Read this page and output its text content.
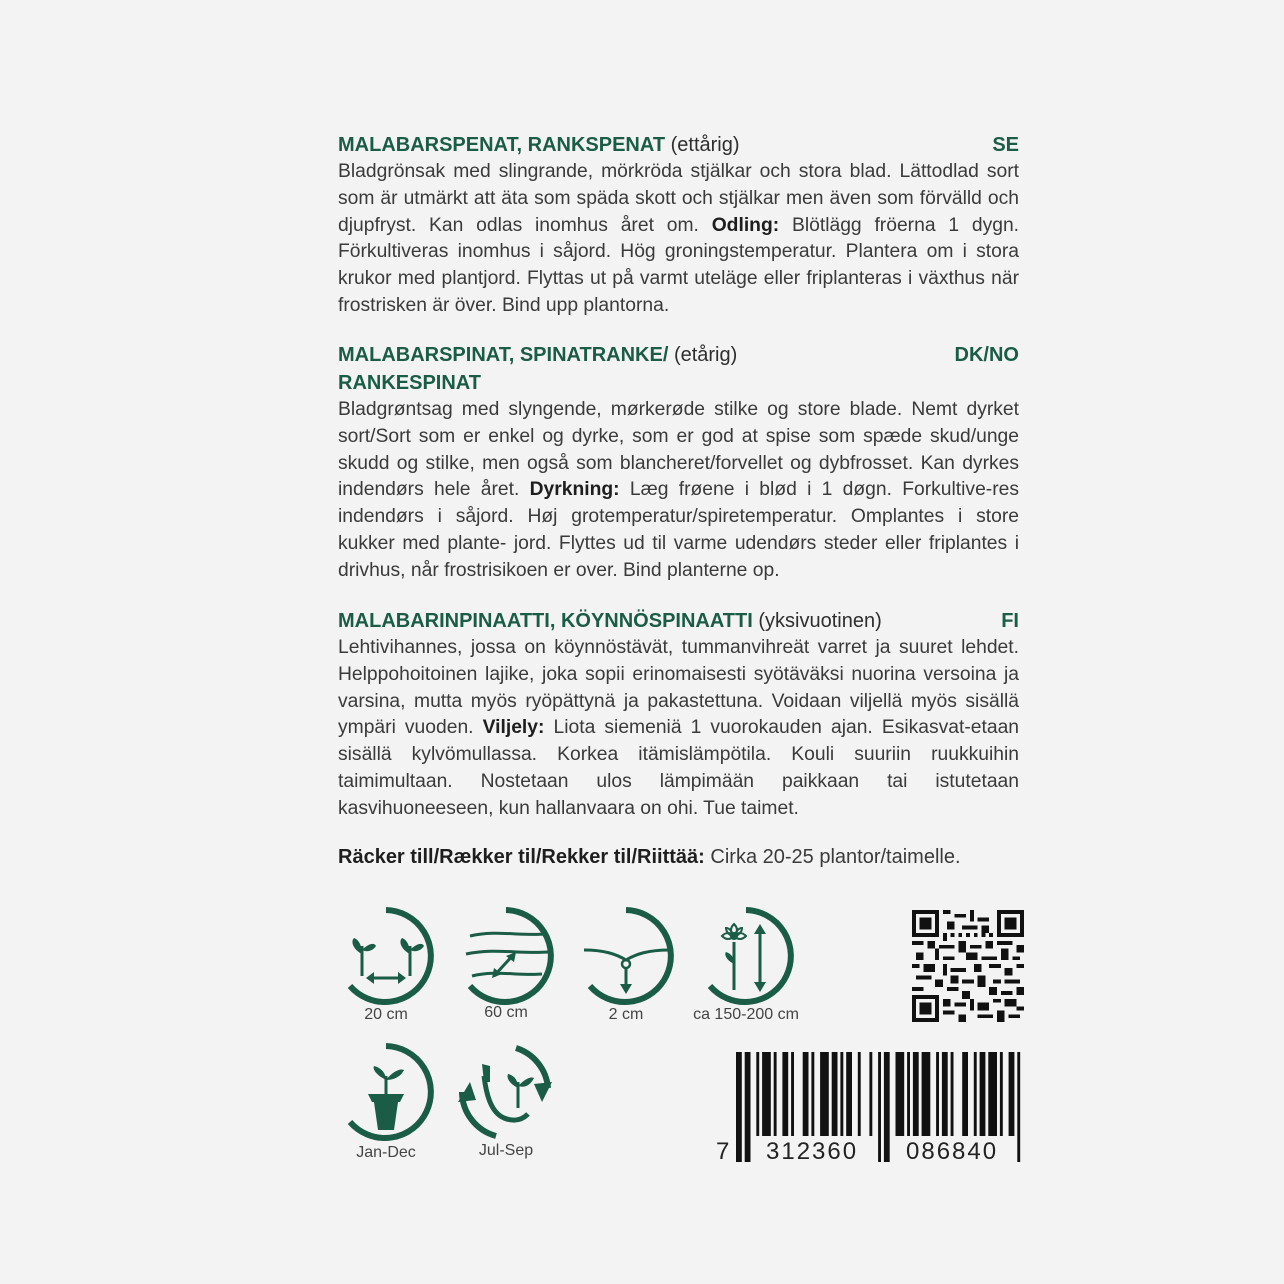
MALABARSPENAT, RANKSPENAT (ettårig)	SE
Bladgrönsak med slingrande, mörkröda stjälkar och stora blad. Lättodlad sort som är utmärkt att äta som späda skott och stjälkar men även som förvälld och djupfryst. Kan odlas inomhus året om. Odling: Blötlägg fröerna 1 dygn. Förkultiveras inomhus i såjord. Hög groningstemperatur. Plantera om i stora krukor med plantjord. Flyttas ut på varmt uteläge eller friplanteras i växthus när frostrisken är över. Bind upp plantorna.
MALABARSPINAT, SPINATRANKE/ (etårig)	DK/NO

RANKESPINAT
Bladgrøntsag med slyngende, mørkerøde stilke og store blade. Nemt dyrket sort/Sort som er enkel og dyrke, som er god at spise som spæde skud/unge skudd og stilke, men også som blancheret/forvellet og dybfrosset. Kan dyrkes indendørs hele året. Dyrkning: Læg frøene i blød i 1 døgn. Forkultive-res indendørs i såjord. Høj grotemperatur/spiretemperatur. Omplantes i store kukker med plante- jord. Flyttes ud til varme udendørs steder eller friplantes i drivhus, når frostrisikoen er over. Bind planterne op.
MALABARINPINAATTI, KÖYNNÖSPINAATTI (yksivuotinen)	FI
Lehtivihannes, jossa on köynnöstävät, tummanvihreät varret ja suuret lehdet. Helppohoitoinen lajike, joka sopii erinomaisesti syötäväksi nuorina versoina ja varsina, mutta myös ryöpättynä ja pakastettuna. Voidaan viljellä myös sisällä ympäri vuoden. Viljely: Liota siemeniä 1 vuorokauden ajan. Esikasvat-etaan sisällä kylvömullassa. Korkea itämislämpötila. Kouli suuriin ruukkuihin taimimultaan. Nostetaan ulos lämpimään paikkaan tai istutetaan kasvihuoneeseen, kun hallanvaara on ohi. Tue taimet.
Räcker till/Rækker til/Rekker til/Riittää: Cirka 20-25 plantor/taimelle.
20 cm	60 cm	2 cm	ca 150-200 cm
Jan-Dec	Jul-Sep	7 312360 086840
